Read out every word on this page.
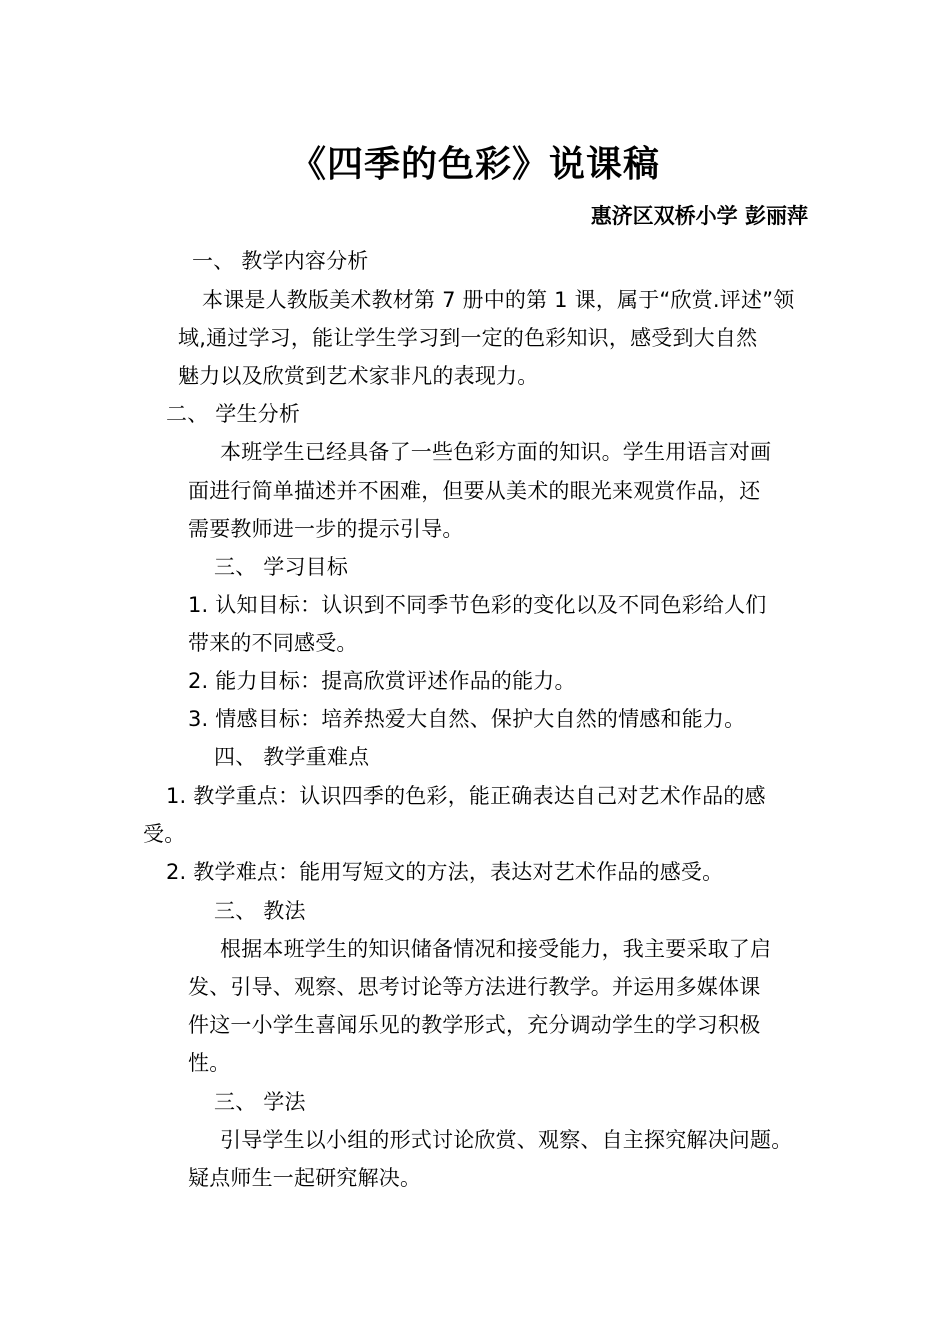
《四季的色彩》说课稿
惠济区双桥小学 彭丽萍
一、 教学内容分析
本课是人教版美术教材第 7 册中的第 1 课，属于“欣赏.评述”领
域,通过学习，能让学生学习到一定的色彩知识，感受到大自然
魅力以及欣赏到艺术家非凡的表现力。
二、 学生分析
本班学生已经具备了一些色彩方面的知识。学生用语言对画
面进行简单描述并不困难，但要从美术的眼光来观赏作品，还
需要教师进一步的提示引导。
三、 学习目标
1. 认知目标：认识到不同季节色彩的变化以及不同色彩给人们
带来的不同感受。
2. 能力目标：提高欣赏评述作品的能力。
3. 情感目标：培养热爱大自然、保护大自然的情感和能力。
四、 教学重难点
1. 教学重点：认识四季的色彩，能正确表达自己对艺术作品的感
受。
2. 教学难点：能用写短文的方法，表达对艺术作品的感受。
三、 教法
根据本班学生的知识储备情况和接受能力，我主要采取了启
发、引导、观察、思考讨论等方法进行教学。并运用多媒体课
件这一小学生喜闻乐见的教学形式，充分调动学生的学习积极
性。
三、 学法
引导学生以小组的形式讨论欣赏、观察、自主探究解决问题。
疑点师生一起研究解决。
